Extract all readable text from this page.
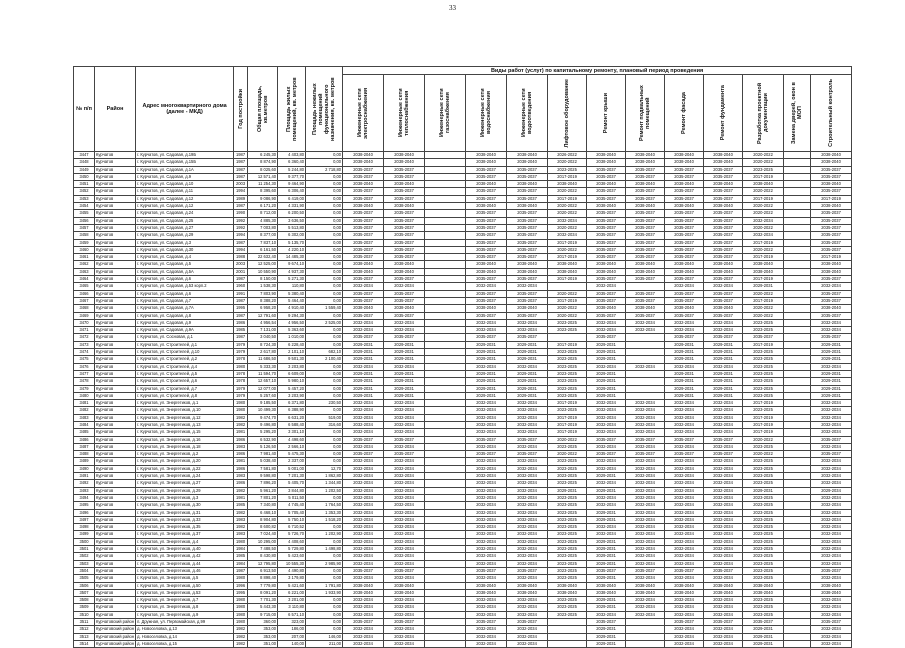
33
№ п/п	Район	Адрес многоквартирного дома (далее - МКД)	Год постройки	Общая площадь, кв.метров	Площадь жилых помещений, кв. метров	Площадь нежилых помещений функционального назначения, кв. метров	Виды работ (услуг) по капитальному ремонту, плановый период проведения												

							Инженерные сети электроснабжения	Инженерные сети теплоснабжения	Инженерные сети газоснабжения	Инженерные сети водоснабжения	Инженерные сети водоотведения	Лифтовое оборудование	Ремонт крыши	Ремонт подвальных помещений	Ремонт фасада	Ремонт фундамента	Разработка проектной документации	Замена дверей, окон в МОП	Строительный контроль

3447	Курчатов	г. Курчатов, ул. Садовая, д.19Б	1987	6 245,30	4 403,80	0,00	2038-2040	2038-2040		2038-2040	2038-2040	2026-2022	2038-2040	2038-2040	2038-2040	2038-2040	2020-2022		2038-2040
3448	Курчатов	г. Курчатов, ул. Садовая, д.15Б	1987	8 874,90	6 360,40	0,00	2038-2040	2038-2040		2038-2040	2038-2040	2020-2022	2038-2040	2038-2040	2038-2040	2038-2040	2020-2022		2038-2040
3449	Курчатов	г. Курчатов, ул. Садовая, д.1А	1987	8 025,60	5 244,80	2 718,80	2035-2037	2035-2037		2035-2037	2035-2037	2023-2025	2035-2037	2035-2037	2035-2037	2035-2037	2023-2025		2035-2037
3450	Курчатов	г. Курчатов, ул. Садовая, д.9	1987	12 571,40	9 377,70	0,00	2035-2037	2035-2037		2035-2037	2035-2037	2017-2019	2035-2037	2035-2037	2035-2037	2035-2037	2017-2019		2035-2037
3451	Курчатов	г. Курчатов, ул. Садовая, д.10	2003	11 254,30	9 464,90	0,00	2038-2040	2038-2040		2038-2040	2038-2040	2038-2040	2038-2040	2038-2040	2038-2040	2038-2040	2038-2040		2038-2040
3452	Курчатов	г. Курчатов, ул. Садовая, д.11	1994	8 395,60	6 306,40	0,00	2035-2037	2035-2037		2035-2037	2035-2037	2020-2022	2035-2037	2035-2037	2035-2037	2035-2037	2020-2022		2035-2037
3453	Курчатов	г. Курчатов, ул. Садовая, д.12	1989	9 086,90	6 419,00	0,00	2035-2037	2035-2037		2035-2037	2035-2037	2017-2019	2035-2037	2035-2037	2035-2037	2035-2037	2017-2019		2017-2019
3454	Курчатов	г. Курчатов, ул. Садовая, д.12	1987	6 171,20	4 331,90	0,00	2038-2040	2038-2040		2038-2040	2038-2040	2020-2022	2038-2040	2038-2040	2038-2040	2038-2040	2020-2022		2038-2040
3455	Курчатов	г. Курчатов, ул. Садовая, д.24	1990	8 712,00	6 200,50	0,00	2035-2037	2035-2037		2035-2037	2035-2037	2020-2022	2035-2037	2035-2037	2035-2037	2035-2037	2020-2022		2035-2037
3456	Курчатов	г. Курчатов, ул. Садовая, д.25	1992	4 885,30	3 636,50	0,00	2035-2037	2035-2037		2035-2037	2035-2037	2032-2034	2035-2037	2035-2037	2035-2037	2035-2037	2032-2034		2035-2037
3457	Курчатов	г. Курчатов, ул. Садовая, д.27	1992	7 003,80	5 513,80	0,00	2035-2037	2035-2037		2035-2037	2035-2037	2020-2022	2035-2037	2035-2037	2035-2037	2035-2037	2020-2022		2035-2037
3458	Курчатов	г. Курчатов, ул. Садовая, д.29	1994	8 377,00	6 302,00	0,00	2035-2037	2035-2037		2035-2037	2035-2037	2032-2034	2035-2037	2035-2037	2035-2037	2035-2037	2032-2034		2035-2037
3459	Курчатов	г. Курчатов, ул. Садовая, д.3	1987	7 837,10	5 135,70	0,00	2035-2037	2035-2037		2035-2037	2035-2037	2017-2019	2035-2037	2035-2037	2035-2037	2035-2037	2017-2019		2035-2037
3460	Курчатов	г. Курчатов, ул. Садовая, д.30	1994	6 161,50	4 220,10	0,00	2035-2037	2035-2037		2035-2037	2035-2037	2020-2022	2035-2037	2035-2037	2035-2037	2035-2037	2020-2022		2035-2037
3461	Курчатов	г. Курчатов, ул. Садовая, д.4	1988	22 632,40	14 485,30	0,00	2035-2037	2035-2037		2035-2037	2035-2037	2017-2019	2035-2037	2035-2037	2035-2037	2035-2037	2017-2019		2017-2019
3462	Курчатов	г. Курчатов, ул. Садовая, д.5	2003	12 525,00	9 674,10	0,00	2038-2040	2038-2040		2038-2040	2038-2040	2038-2040	2038-2040	2038-2040	2038-2040	2038-2040	2038-2040		2038-2040
3463	Курчатов	г. Курчатов, ул. Садовая, д.5А	2001	10 550,90	4 937,30	0,00	2038-2040	2038-2040		2038-2040	2038-2040	2038-2040	2038-2040	2038-2040	2038-2040	2038-2040	2038-2040		2038-2040
3464	Курчатов	г. Курчатов, ул. Садовая, д.6	1987	8 150,00	5 271,30	0,00	2035-2037	2035-2037		2035-2037	2035-2037	2017-2019	2035-2037	2035-2037	2035-2037	2035-2037	2017-2019		2035-2037
3465	Курчатов	г. Курчатов, ул. Садовая, д.53 корп.2	1960	1 538,30	110,80	0,00	2032-2034	2032-2034		2032-2034	2032-2034		2032-2034		2032-2034	2032-2034	2029-2031		2032-2034
3466	Курчатов	г. Курчатов, ул. Садовая, д.6	1991	7 803,90	5 380,40	0,00	2035-2037	2035-2037		2035-2037	2035-2037	2020-2022	2035-2037	2035-2037	2035-2037	2035-2037	2020-2022		2035-2037
3467	Курчатов	г. Курчатов, ул. Садовая, д.7	1987	8 388,20	5 464,40	0,00	2035-2037	2035-2037		2035-2037	2035-2037	2017-2019	2035-2037	2035-2037	2035-2037	2035-2037	2017-2019		2035-2037
3468	Курчатов	г. Курчатов, ул. Садовая, д.7А	1995	6 958,20	4 910,40	1 559,40	2038-2040	2038-2040		2038-2040	2038-2040	2020-2022	2038-2040	2038-2040	2038-2040	2038-2040	2020-2022		2038-2040
3469	Курчатов	г. Курчатов, ул. Садовая, д.8	1987	12 791,60	9 294,30	0,00	2035-2037	2035-2037		2035-2037	2035-2037	2020-2022	2035-2037	2035-2037	2035-2037	2035-2037	2020-2022		2035-2037
3470	Курчатов	г. Курчатов, ул. Садовая, д.9	1986	4 956,54	4 956,50	2 525,00	2032-2034	2032-2034		2032-2034	2032-2034	2023-2025	2032-2034	2032-2034	2032-2034	2032-2034	2023-2025		2032-2034
3471	Курчатов	г. Курчатов, ул. Садовая, д.9А	1985	7 131,00	5 363,60	0,00	2032-2034	2032-2034		2032-2034	2032-2034	2023-2025	2032-2034	2032-2034	2032-2034	2032-2034	2023-2025		2032-2034
3472	Курчатов	г. Курчатов, ул. Сосновая, д.1	1987	3 040,50	1 010,00	0,00	2035-2037	2035-2037		2035-2037	2035-2037		2035-2037		2035-2037	2035-2037	2035-2037		2035-2037
3473	Курчатов	г. Курчатов, ул. Строителей, д.1	1979	8 724,30	6 228,40	0,00	2029-2031	2029-2031		2029-2031	2029-2031	2017-2019	2029-2031		2029-2031	2029-2031	2017-2019		2029-2031
3474	Курчатов	г. Курчатов, ул. Строителей, д.10	1979	2 617,80	2 101,10	682,10	2029-2031	2029-2031		2029-2031	2029-2031	2023-2025	2029-2031		2029-2031	2029-2031	2023-2025		2029-2031
3475	Курчатов	г. Курчатов, ул. Строителей, д.2	1978	11 686,50	9 501,30	2 100,40	2029-2031	2029-2031		2029-2031	2029-2031	2023-2025	2029-2031		2029-2031	2029-2031	2023-2025		2029-2031
3476	Курчатов	г. Курчатов, ул. Строителей, д.4	1980	5 333,30	3 203,80	0,00	2032-2034	2032-2034		2032-2034	2032-2034	2023-2025	2032-2034	2032-2034	2032-2034	2032-2034	2023-2025		2032-2034
3477	Курчатов	г. Курчатов, ул. Строителей, д.5	1978	11 594,70	6 609,00	0,00	2029-2031	2029-2031		2029-2031	2029-2031	2023-2025	2029-2031		2029-2031	2029-2031	2023-2025		2029-2031
3478	Курчатов	г. Курчатов, ул. Строителей, д.6	1978	12 657,10	5 980,10	0,00	2029-2031	2029-2031		2029-2031	2029-2031	2023-2025	2029-2031		2029-2031	2029-2031	2023-2025		2029-2031
3479	Курчатов	г. Курчатов, ул. Строителей, д.7	1979	12 077,00	5 457,20	0,00	2029-2031	2029-2031		2029-2031	2029-2031	2023-2025	2029-2031		2029-2031	2029-2031	2023-2025		2029-2031
3480	Курчатов	г. Курчатов, ул. Строителей, д.8	1979	5 257,60	3 203,90	0,00	2029-2031	2029-2031		2029-2031	2029-2031	2023-2025	2029-2031		2029-2031	2029-2031	2023-2025		2029-2031
3481	Курчатов	г. Курчатов, ул. Энергетиков, д.1	1980	9 185,50	6 371,80	230,50	2032-2034	2032-2034		2032-2034	2032-2034	2017-2019	2032-2034	2032-2034	2032-2034	2032-2034	2017-2019		2032-2034
3482	Курчатов	г. Курчатов, ул. Энергетиков, д.10	1980	10 499,30	6 388,90	0,00	2032-2034	2032-2034		2032-2034	2032-2034	2023-2025	2032-2034	2032-2034	2032-2034	2032-2034	2023-2025		2032-2034
3483	Курчатов	г. Курчатов, ул. Энергетиков, д.12	1982	9 474,70	6 631,20	519,00	2032-2034	2032-2034		2032-2034	2032-2034	2017-2019	2032-2034	2032-2034	2032-2034	2032-2034	2017-2019		2032-2034
3484	Курчатов	г. Курчатов, ул. Энергетиков, д.13	1982	9 496,80	6 588,40	316,60	2032-2034	2032-2034		2032-2034	2032-2034	2017-2019	2032-2034	2032-2034	2032-2034	2032-2034	2017-2019		2032-2034
3485	Курчатов	г. Курчатов, ул. Энергетиков, д.15	1981	5 295,20	3 301,10	0,00	2032-2034	2032-2034		2032-2034	2032-2034	2017-2019	2032-2034	2032-2034	2032-2034	2032-2034	2017-2019		2032-2034
3486	Курчатов	г. Курчатов, ул. Энергетиков, д.16	1986	6 532,90	4 498,60	0,00	2035-2037	2035-2037		2035-2037	2035-2037	2020-2022	2035-2037	2035-2037	2035-2037	2035-2037	2020-2022		2035-2037
3487	Курчатов	г. Курчатов, ул. Энергетиков, д.18	1983	5 126,50	2 566,10	0,00	2032-2034	2032-2034		2032-2034	2032-2034	2023-2025	2032-2034	2032-2034	2032-2034	2032-2034	2023-2025		2032-2034
3488	Курчатов	г. Курчатов, ул. Энергетиков, д.2	1986	7 981,40	5 475,30	0,00	2035-2037	2035-2037		2035-2037	2035-2037	2020-2022	2035-2037	2035-2037	2035-2037	2035-2037	2020-2022		2035-2037
3489	Курчатов	г. Курчатов, ул. Энергетиков, д.20	1981	5 038,40	2 337,00	0,00	2032-2034	2032-2034		2032-2034	2032-2034	2023-2025	2032-2034	2032-2034	2032-2034	2032-2034	2023-2025		2032-2034
3490	Курчатов	г. Курчатов, ул. Энергетиков, д.22	1986	7 581,80	5 001,00	12,70	2032-2034	2032-2034		2032-2034	2032-2034	2023-2025	2032-2034	2032-2034	2032-2034	2032-2034	2023-2025		2032-2034
3491	Курчатов	г. Курчатов, ул. Энергетиков, д.24	1983	9 598,80	7 201,30	1 862,80	2032-2034	2032-2034		2032-2034	2032-2034	2023-2025	2029-2031	2032-2034	2032-2034	2032-2034	2023-2025		2032-2034
3492	Курчатов	г. Курчатов, ул. Энергетиков, д.27	1986	7 896,20	5 405,70	1 344,80	2032-2034	2032-2034		2032-2034	2032-2034	2023-2025	2032-2034	2032-2034	2032-2034	2032-2034	2023-2025		2032-2034
3493	Курчатов	г. Курчатов, ул. Энергетиков, д.29	1982	5 961,20	3 844,80	1 202,50	2032-2034	2032-2034		2032-2034	2032-2034	2029-2031	2029-2031	2032-2034	2032-2034	2032-2034	2029-2031		2029-2034
3494	Курчатов	г. Курчатов, ул. Энергетиков, д.3	1981	7 801,20	5 011,50	0,00	2032-2034	2032-2034		2032-2034	2032-2034	2023-2025	2032-2034	2032-2034	2032-2034	2032-2034	2023-2025		2032-2034
3495	Курчатов	г. Курчатов, ул. Энергетиков, д.30	1985	7 340,80	4 745,40	1 764,50	2032-2034	2032-2034		2032-2034	2032-2034	2023-2025	2032-2034	2032-2034	2032-2034	2032-2034	2023-2025		2032-2034
3496	Курчатов	г. Курчатов, ул. Энергетиков, д.31	1982	6 468,10	5 705,40	1 353,30	2032-2034	2032-2034		2032-2034	2032-2034	2023-2025	2029-2031	2032-2034	2032-2034	2032-2034	2023-2025		2032-2034
3497	Курчатов	г. Курчатов, ул. Энергетиков, д.33	1983	8 904,80	5 750,10	1 518,20	2032-2034	2032-2034		2032-2034	2032-2034	2023-2025	2029-2031	2032-2034	2032-2034	2032-2034	2023-2025		2032-2034
3498	Курчатов	г. Курчатов, ул. Энергетиков, д.35	1982	8 600,82	6 710,52	0,00	2032-2034	2032-2034		2032-2034	2032-2034	2023-2025	2032-2034	2032-2034	2032-2034	2032-2034	2023-2025		2032-2034
3499	Курчатов	г. Курчатов, ул. Энергетиков, д.37	1983	7 024,40	5 726,70	1 202,90	2032-2034	2032-2034		2032-2034	2032-2034	2023-2025	2032-2034	2032-2034	2032-2034	2032-2034	2023-2025		2032-2034
3500	Курчатов	г. Курчатов, ул. Энергетиков, д.4	1980	10 295,00	4 408,60	0,00	2032-2034	2032-2034		2032-2034	2032-2034	2023-2025	2029-2031	2032-2034	2032-2034	2032-2034	2023-2025		2032-2034
3501	Курчатов	г. Курчатов, ул. Энергетиков, д.40	1984	7 488,50	5 729,80	1 498,80	2032-2034	2032-2034		2032-2034	2032-2034	2023-2025	2029-2031	2032-2034	2032-2034	2032-2034	2023-2025		2032-2034
3502	Курчатов	г. Курчатов, ул. Энергетиков, д.42	1985	8 430,80	5 423,60	0,00	2032-2034	2032-2034		2032-2034	2032-2034	2023-2025	2029-2031	2032-2034	2032-2034	2032-2034	2023-2025		2032-2034
3503	Курчатов	г. Курчатов, ул. Энергетиков, д.44	1984	12 795,80	10 555,30	2 985,90	2032-2034	2032-2034		2032-2034	2032-2034	2023-2025	2029-2031	2032-2034	2032-2034	2032-2034	2023-2025		2032-2034
3504	Курчатов	г. Курчатов, ул. Энергетиков, д.46	1987	6 913,50	4 490,80	0,00	2035-2037	2035-2037		2035-2037	2035-2037	2023-2025	2035-2037	2035-2037	2035-2037	2035-2037	2023-2025		2035-2037
3505	Курчатов	г. Курчатов, ул. Энергетиков, д.5	1980	8 898,40	3 179,80	0,00	2032-2034	2032-2034		2032-2034	2032-2034	2023-2025	2029-2031	2032-2034	2032-2034	2032-2034	2023-2025		2032-2034
3506	Курчатов	г. Курчатов, ул. Энергетиков, д.50	1996	7 779,80	5 421,60	1 791,80	2038-2040	2038-2040		2038-2040	2038-2040	2038-2040	2038-2040	2038-2040	2038-2040	2038-2040	2038-2040		2038-2040
3507	Курчатов	г. Курчатов, ул. Энергетиков, д.53	1995	8 091,20	6 221,00	1 933,90	2038-2040	2038-2040		2038-2040	2038-2040	2038-2040	2038-2040	2038-2040	2038-2040	2038-2040	2038-2040		2038-2040
3508	Курчатов	г. Курчатов, ул. Энергетиков, д.7	1980	7 701,30	3 201,00	0,00	2032-2034	2032-2034		2032-2034	2032-2034	2023-2025	2029-2031	2032-2034	2032-2034	2032-2034	2023-2025		2032-2034
3509	Курчатов	г. Курчатов, ул. Энергетиков, д.8	1980	5 443,30	3 110,80	0,00	2032-2034	2032-2034		2032-2034	2032-2034	2023-2025	2029-2031	2032-2034	2032-2034	2032-2034	2023-2025		2032-2034
3510	Курчатов	г. Курчатов, ул. Энергетиков, д.9	1980	9 715,00	6 571,10	0,00	2032-2034	2032-2034		2032-2034	2032-2034	2023-2025	2032-2034	2032-2034	2032-2034	2032-2034	2023-2025		2032-2034
3511	Курчатовский район	п. Дружная, ул. Первомайская, д.99	1980	360,00	323,00	0,00	2035-2037	2035-2037		2035-2037	2035-2037		2035-2037		2035-2037	2035-2037	2035-2037		2035-2037
3512	Курчатовский район	д. Новоселовка, д.13	1982	353,00	186,00	0,00	2032-2034	2032-2034		2032-2034	2032-2034		2029-2031		2032-2034	2032-2034	2029-2031		2032-2034
3513	Курчатовский район	д. Новоселовка, д.14	1982	353,00	207,00	146,00	2032-2034	2032-2034		2032-2034	2032-2034		2029-2031		2032-2034	2032-2034	2029-2031		2032-2034
3514	Курчатовский район	д. Новоселовка, д.15	1982	351,00	140,00	211,00	2032-2034	2032-2034		2032-2034	2032-2034		2029-2031		2032-2034	2032-2034	2029-2031		2032-2034
